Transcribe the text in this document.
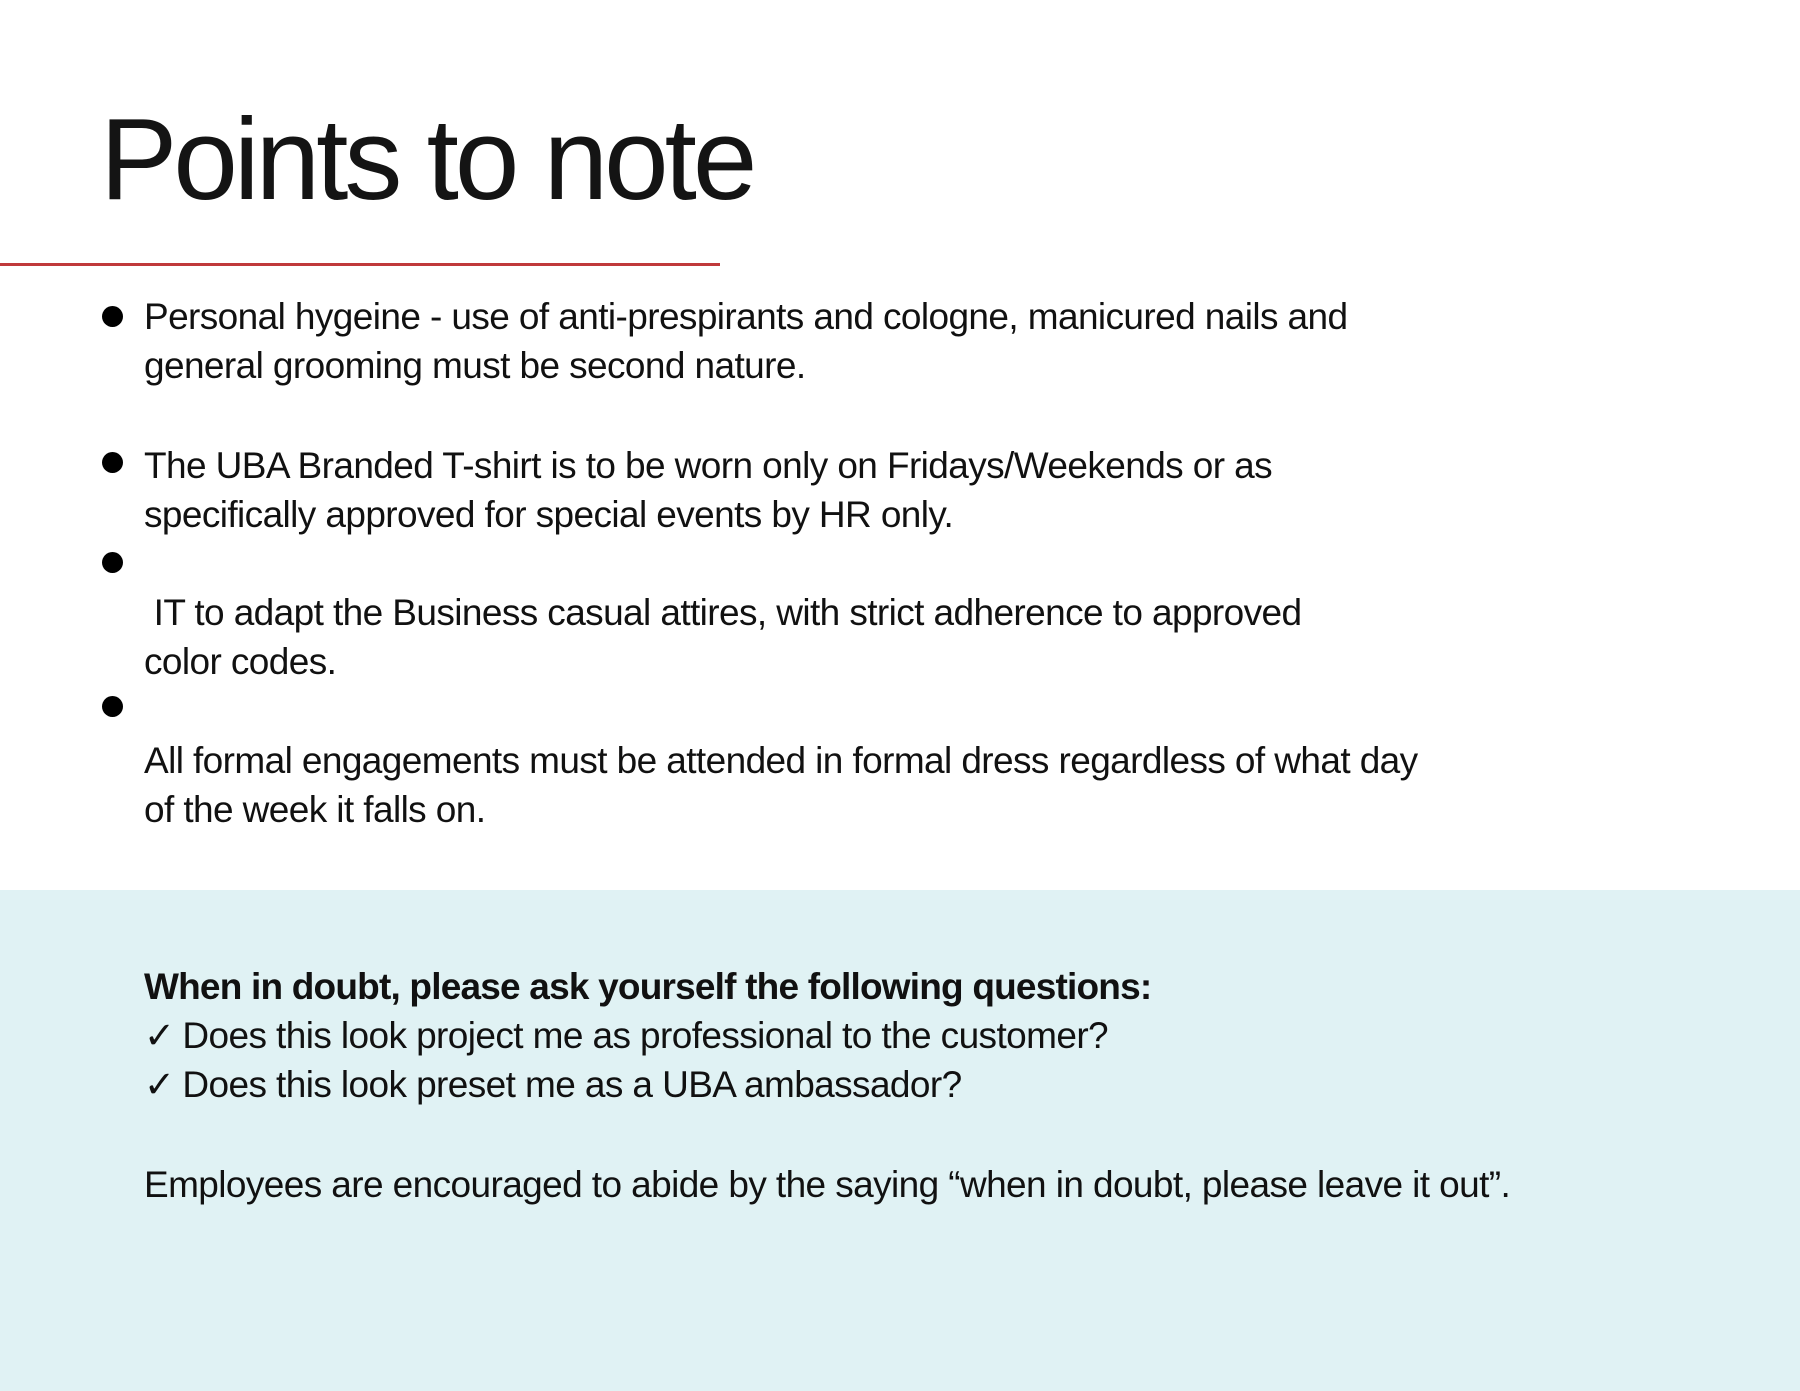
Points to note

Personal hygeine - use of anti-prespirants and cologne, manicured nails and

general grooming must be second nature.

The UBA Branded T-shirt is to be worn only on Fridays/Weekends or as

specifically approved for special events by HR only.

IT to adapt the Business casual attires, with strict adherence to approved

color codes.

All formal engagements must be attended in formal dress regardless of what day

of the week it falls on.

When in doubt, please ask yourself the following questions:

✓ Does this look project me as professional to the customer?

✓ Does this look preset me as a UBA ambassador?

Employees are encouraged to abide by the saying “when in doubt, please leave it out”.
